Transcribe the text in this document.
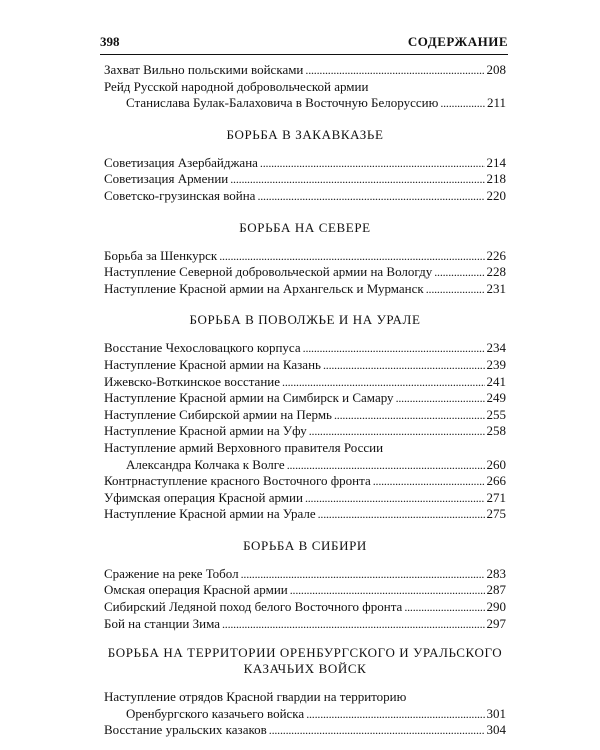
398	СОДЕРЖАНИЕ
Захват Вильно польскими войсками . . .	208
Рейд Русской народной добровольческой армии
Станислава Булак-Балаховича в Восточную Белоруссию . . .	211
БОРЬБА В ЗАКАВКАЗЬЕ
Советизация Азербайджана . . .	214
Советизация Армении . . .	218
Советско-грузинская война . . .	220
БОРЬБА НА СЕВЕРЕ
Борьба за Шенкурск . . .	226
Наступление Северной добровольческой армии на Вологду . . .	228
Наступление Красной армии на Архангельск и Мурманск . . .	231
БОРЬБА В ПОВОЛЖЬЕ И НА УРАЛЕ
Восстание Чехословацкого корпуса . . .	234
Наступление Красной армии на Казань . . .	239
Ижевско-Воткинское восстание . . .	241
Наступление Красной армии на Симбирск и Самару . . .	249
Наступление Сибирской армии на Пермь . . .	255
Наступление Красной армии на Уфу . . .	258
Наступление армий Верховного правителя России
Александра Колчака к Волге . . .	260
Контрнаступление красного Восточного фронта . . .	266
Уфимская операция Красной армии . . .	271
Наступление Красной армии на Урале . . .	275
БОРЬБА В СИБИРИ
Сражение на реке Тобол . . .	283
Омская операция Красной армии . . .	287
Сибирский Ледяной поход белого Восточного фронта . . .	290
Бой на станции Зима . . .	297
БОРЬБА НА ТЕРРИТОРИИ ОРЕНБУРГСКОГО И УРАЛЬСКОГО
КАЗАЧЬИХ ВОЙСК
Наступление отрядов Красной гвардии на территорию
Оренбургского казачьего войска . . .	301
Восстание уральских казаков . . .	304
